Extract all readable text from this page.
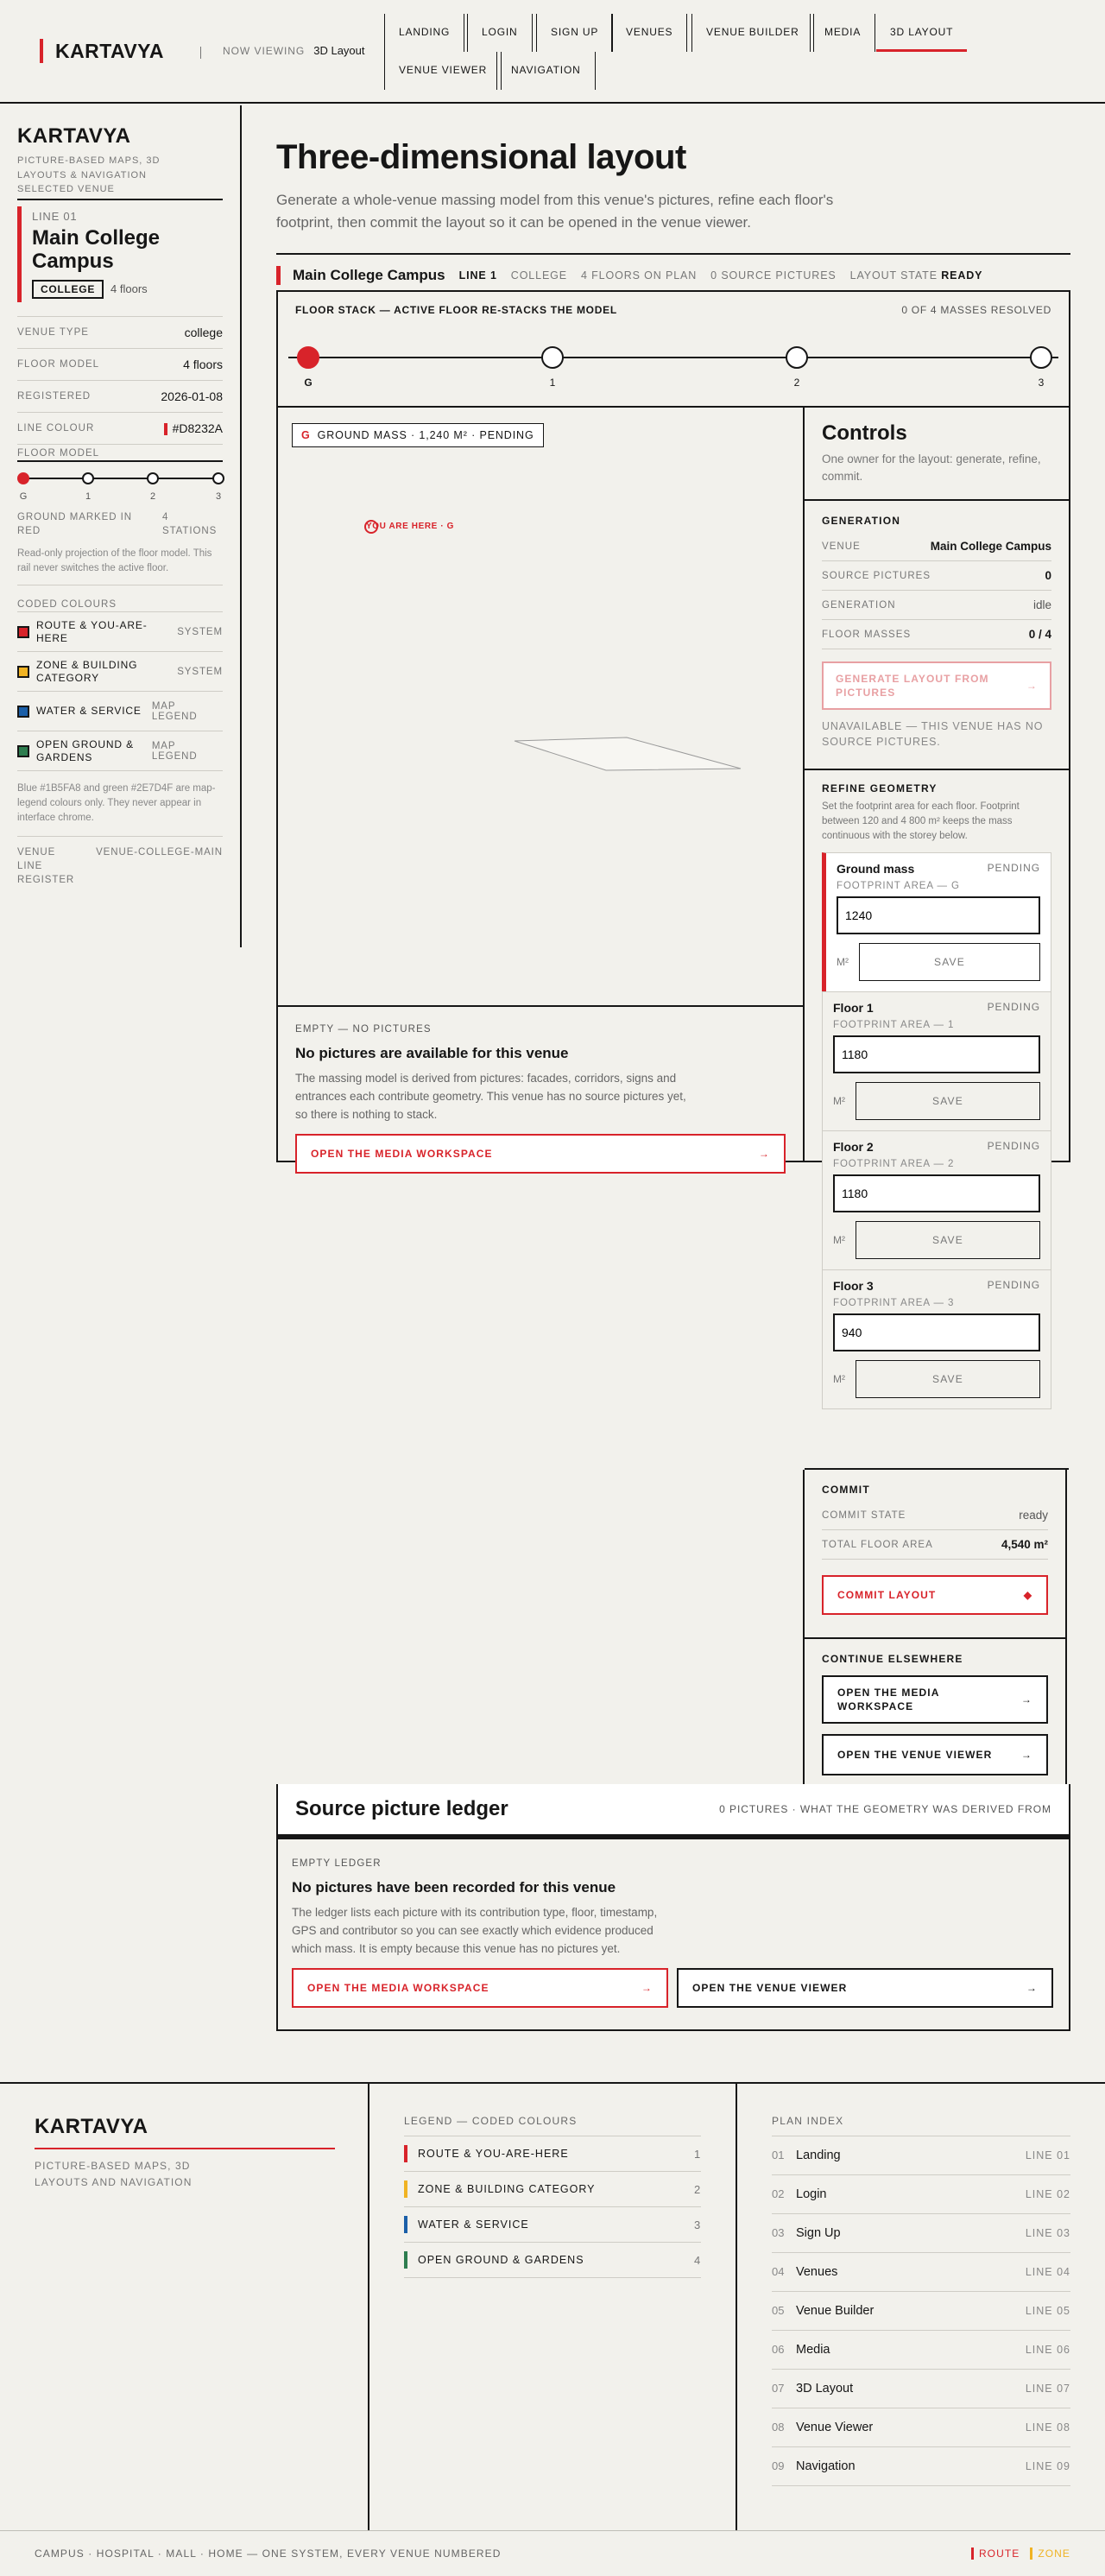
KARTAVYA	NOW VIEWING 3D Layout
LANDING	LOGIN	SIGN UP	VENUES	VENUE BUILDER	MEDIA	3D LAYOUT
VENUE VIEWER	NAVIGATION
KARTAVYA
PICTURE-BASED MAPS, 3D LAYOUTS & NAVIGATION
SELECTED VENUE
LINE 01
Main College Campus
COLLEGE 4 floors
VENUE TYPE	college
FLOOR MODEL	4 floors
REGISTERED	2026-01-08
LINE COLOUR	#D8232A
FLOOR MODEL
G	1	2	3
GROUND MARKED IN RED
4 STATIONS
Read-only projection of the floor model. This rail never switches the active floor.
CODED COLOURS
ROUTE & YOU-ARE-HERE	SYSTEM
ZONE & BUILDING CATEGORY	SYSTEM
WATER & SERVICE MAP LEGEND
OPEN GROUND & GARDENS
MAP LEGEND
Blue #1B5FA8 and green #2E7D4F are map-legend colours only. They never appear in interface chrome.
VENUE LINE REGISTER
VENUE-COLLEGE-MAIN
Three-dimensional layout
Generate a whole-venue massing model from this venue's pictures, refine each floor's footprint, then commit the layout so it can be opened in the venue viewer.
Main College Campus LINE 1 COLLEGE 4 FLOORS ON PLAN 0 SOURCE PICTURES LAYOUT STATE READY
FLOOR STACK — ACTIVE FLOOR RE-STACKS THE MODEL	0 OF 4 MASSES RESOLVED
G	1	2	3
G GROUND MASS · 1,240 M² · PENDING
YOU ARE HERE · G
EMPTY — NO PICTURES
No pictures are available for this venue
The massing model is derived from pictures: facades, corridors, signs and entrances each contribute geometry. This venue has no source pictures yet, so there is nothing to stack.
OPEN THE MEDIA WORKSPACE	→
Controls
One owner for the layout: generate, refine, commit.
GENERATION
VENUE	Main College Campus
SOURCE PICTURES	0
GENERATION	idle
FLOOR MASSES	0 / 4
GENERATE LAYOUT FROM PICTURES
→
UNAVAILABLE — THIS VENUE HAS NO SOURCE PICTURES.
REFINE GEOMETRY
Set the footprint area for each floor. Footprint between 120 and 4 800 m² keeps the mass continuous with the storey below.
Ground mass	PENDING
FOOTPRINT AREA — G
1240
M²	SAVE
Floor 1	PENDING
FOOTPRINT AREA — 1
1180
M²	SAVE
Floor 2	PENDING
FOOTPRINT AREA — 2
1180
M²	SAVE
Floor 3	PENDING
FOOTPRINT AREA — 3
940
M²	SAVE
COMMIT
COMMIT STATE	ready
TOTAL FLOOR AREA	4,540 m²
COMMIT LAYOUT	◆
CONTINUE ELSEWHERE
OPEN THE MEDIA WORKSPACE
→
OPEN THE VENUE VIEWER	→
Source picture ledger	0 PICTURES · WHAT THE GEOMETRY WAS DERIVED FROM
EMPTY LEDGER
No pictures have been recorded for this venue
The ledger lists each picture with its contribution type, floor, timestamp, GPS and contributor so you can see exactly which evidence produced which mass. It is empty because this venue has no pictures yet.
OPEN THE MEDIA WORKSPACE	→	OPEN THE VENUE VIEWER	→
KARTAVYA
PICTURE-BASED MAPS, 3D LAYOUTS AND NAVIGATION
LEGEND — CODED COLOURS
ROUTE & YOU-ARE-HERE	1
ZONE & BUILDING CATEGORY	2
WATER & SERVICE	3
OPEN GROUND & GARDENS	4
PLAN INDEX
01 Landing	LINE 01
02 Login	LINE 02
03 Sign Up	LINE 03
04 Venues	LINE 04
05 Venue Builder	LINE 05
06 Media	LINE 06
07 3D Layout	LINE 07
08 Venue Viewer	LINE 08
09 Navigation	LINE 09
CAMPUS · HOSPITAL · MALL · HOME — ONE SYSTEM, EVERY VENUE NUMBERED	ROUTE ZONE
